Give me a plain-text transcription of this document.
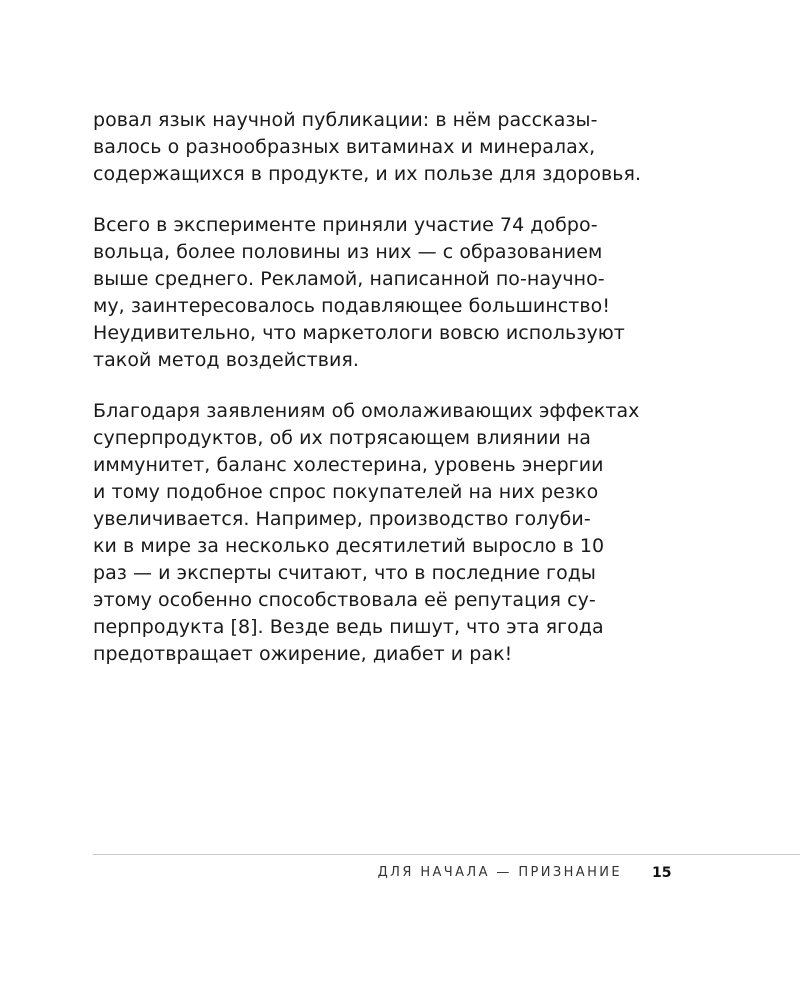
ровал язык научной публикации: в нём рассказы-
валось о разнообразных витаминах и минералах,
содержащихся в продукте, и их пользе для здоровья.

Всего в эксперименте приняли участие 74 добро-
вольца, более половины из них — с образованием
выше среднего. Рекламой, написанной по-научно-
му, заинтересовалось подавляющее большинство!
Неудивительно, что маркетологи вовсю используют
такой метод воздействия.

Благодаря заявлениям об омолаживающих эффектах
суперпродуктов, об их потрясающем влиянии на
иммунитет, баланс холестерина, уровень энергии
и тому подобное спрос покупателей на них резко
увеличивается. Например, производство голуби-
ки в мире за несколько десятилетий выросло в 10
раз — и эксперты считают, что в последние годы
этому особенно способствовала её репутация су-
перпродукта [8]. Везде ведь пишут, что эта ягода
предотвращает ожирение, диабет и рак!

ДЛЯ НАЧАЛА — ПРИЗНАНИЕ 15
